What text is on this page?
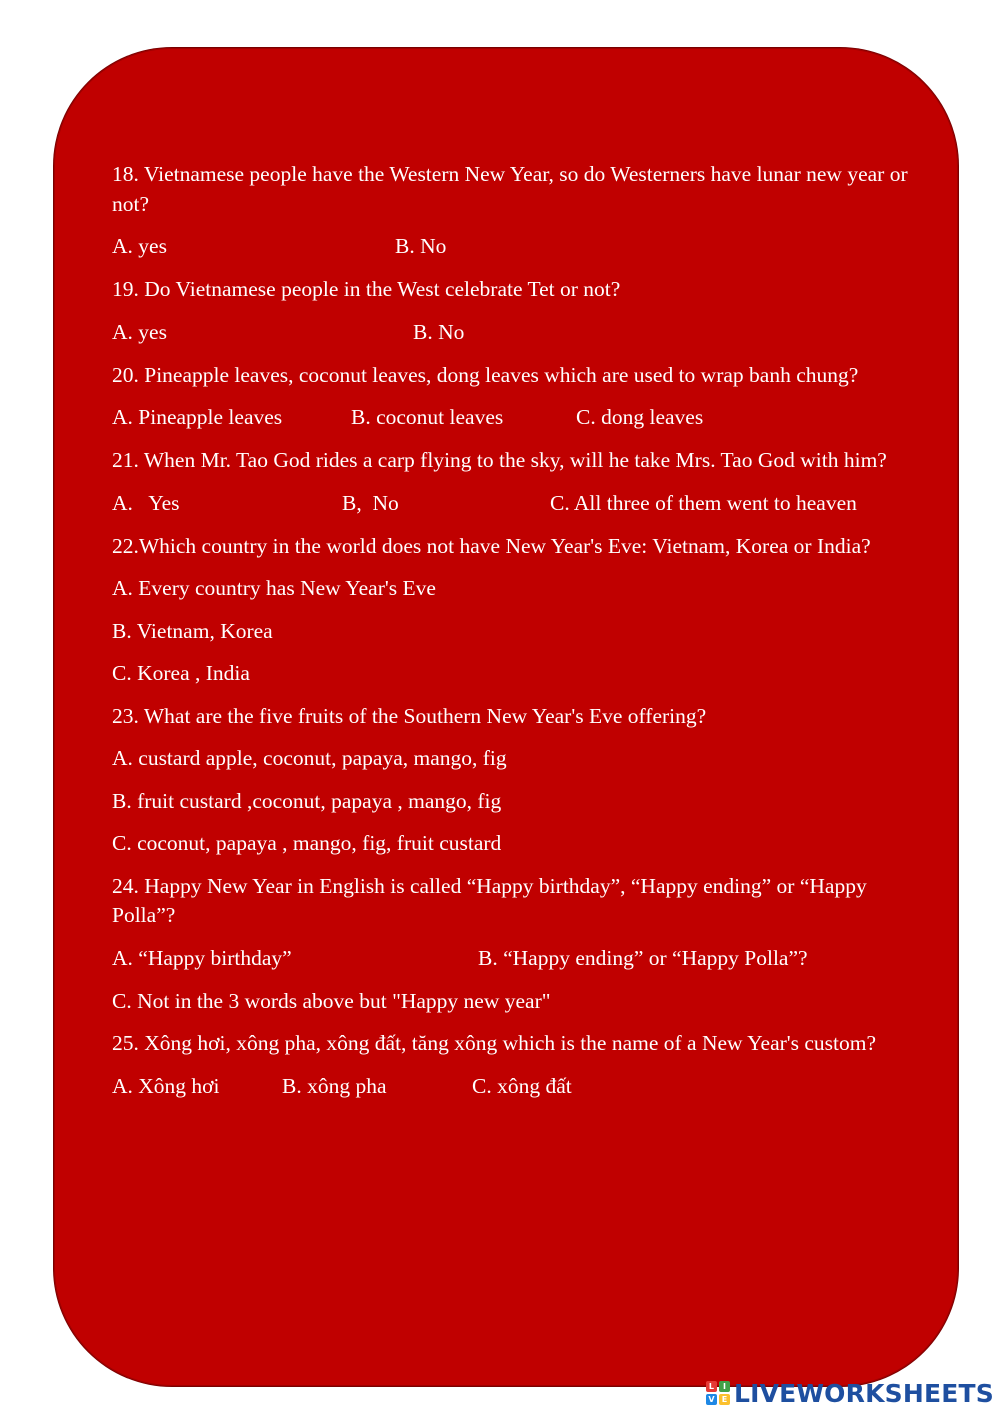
18. Vietnamese people have the Western New Year, so do Westerners have lunar new year or not?
A. yes	B. No
19. Do Vietnamese people in the West celebrate Tet or not?
A. yes	B. No
20. Pineapple leaves, coconut leaves, dong leaves which are used to wrap banh chung?
A. Pineapple leaves	B. coconut leaves	C. dong leaves
21. When Mr. Tao God rides a carp flying to the sky, will he take Mrs. Tao God with him?
A.   Yes	B,  No	C. All three of them went to heaven
22.Which country in the world does not have New Year's Eve: Vietnam, Korea or India?
A. Every country has New Year's Eve
B. Vietnam, Korea
C. Korea , India
23. What are the five fruits of the Southern New Year's Eve offering?
A. custard apple, coconut, papaya, mango, fig
B. fruit custard ,coconut, papaya , mango, fig
C. coconut, papaya , mango, fig, fruit custard
24. Happy New Year in English is called “Happy birthday”, “Happy ending” or “Happy Polla”?
A. “Happy birthday”	B. “Happy ending” or “Happy Polla”?
C. Not in the 3 words above but "Happy new year"
25. Xông hơi, xông pha, xông đất, tăng xông which is the name of a New Year's custom?
A. Xông hơi	B. xông pha	C. xông đất
L	I
V E LIVEWORKSHEETS
